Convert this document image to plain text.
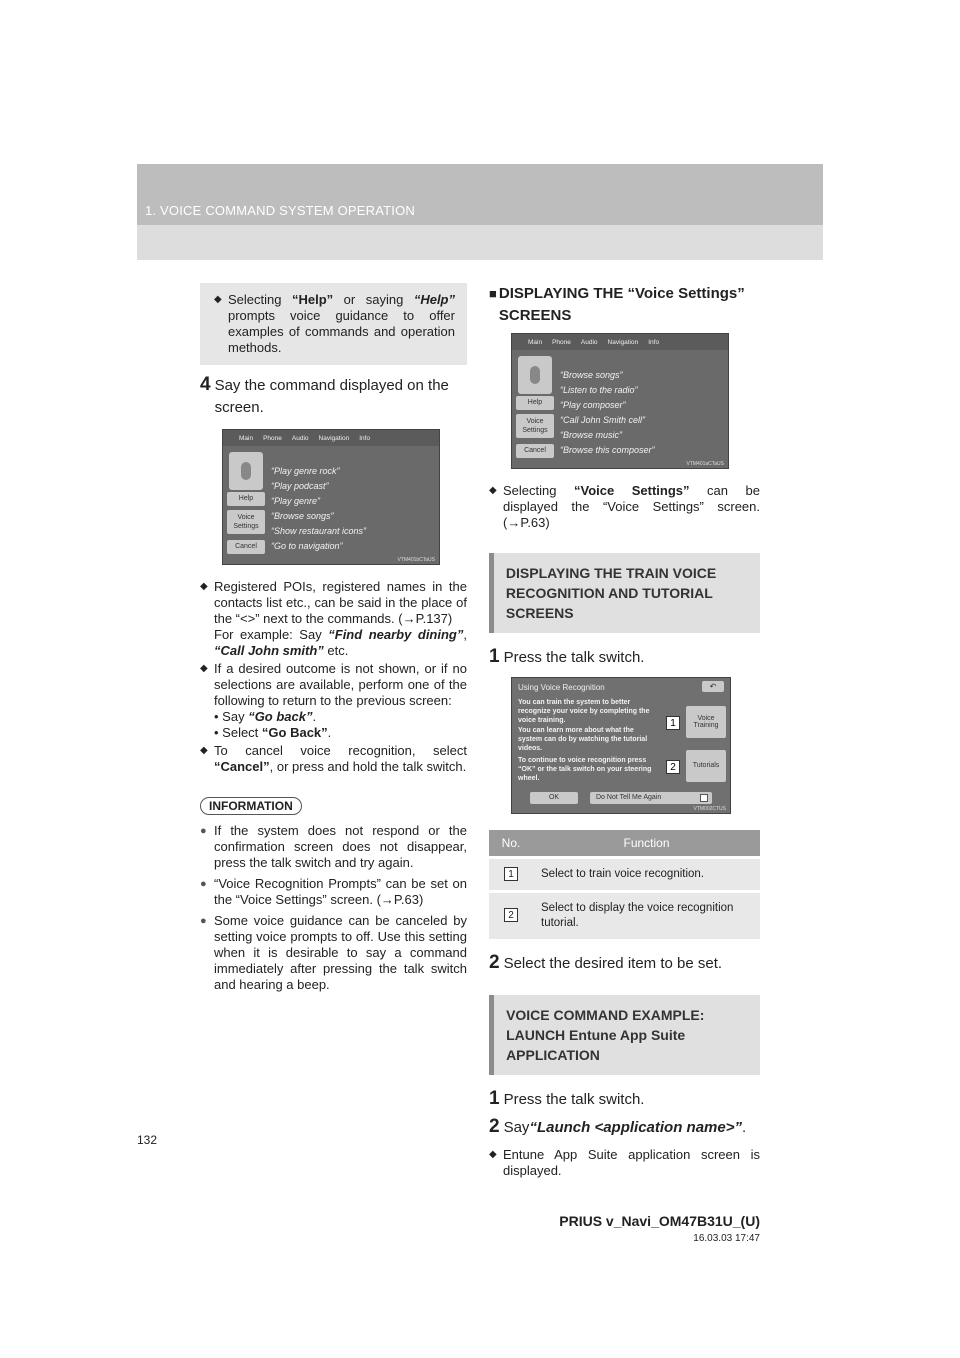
1. VOICE COMMAND SYSTEM OPERATION
◆ Selecting “Help” or saying “Help” prompts voice guidance to offer examples of commands and operation methods.
4 Say the command displayed on the screen.
Main Phone Audio Navigation Info
Help
Voice Settings
Cancel
“Play genre rock”
“Play podcast”
“Play genre”
“Browse songs”
“Show restaurant icons”
“Go to navigation”
VTM401bCTaUS
◆ Registered POIs, registered names in the contacts list etc., can be said in the place of the “<>” next to the commands. (→P.137)
For example: Say “Find nearby dining”, “Call John smith” etc.
◆ If a desired outcome is not shown, or if no selections are available, perform one of the following to return to the previous screen:
• Say “Go back”.
• Select “Go Back”.
◆ To cancel voice recognition, select “Cancel”, or press and hold the talk switch.
INFORMATION
● If the system does not respond or the confirmation screen does not disappear, press the talk switch and try again.
● “Voice Recognition Prompts” can be set on the “Voice Settings” screen. (→P.63)
● Some voice guidance can be canceled by setting voice prompts to off. Use this setting when it is desirable to say a command immediately after pressing the talk switch and hearing a beep.
■ DISPLAYING THE “Voice Settings” SCREENS
Main Phone Audio Navigation Info
Help
Voice Settings
Cancel
“Browse songs”
“Listen to the radio”
“Play composer”
“Call John Smith cell”
“Browse music”
“Browse this composer”
VTM401aCTaUS
◆ Selecting “Voice Settings” can be displayed the “Voice Settings” screen. (→P.63)
DISPLAYING THE TRAIN VOICE RECOGNITION AND TUTORIAL SCREENS
1 Press the talk switch.
Using Voice Recognition	↶
You can train the system to better recognize your voice by completing the voice training.
You can learn more about what the system can do by watching the tutorial videos.
To continue to voice recognition press “OK” or the talk switch on your steering wheel.
Voice Training
Tutorials
1
2
OK	Do Not Tell Me Again
VTM002CTUS
No.	Function
1	Select to train voice recognition.
2	Select to display the voice recognition tutorial.
2 Select the desired item to be set.
VOICE COMMAND EXAMPLE: LAUNCH Entune App Suite APPLICATION
1 Press the talk switch.
2 Say “Launch <application name>” .
◆ Entune App Suite application screen is displayed.
132
PRIUS v_Navi_OM47B31U_(U)
16.03.03 17:47
